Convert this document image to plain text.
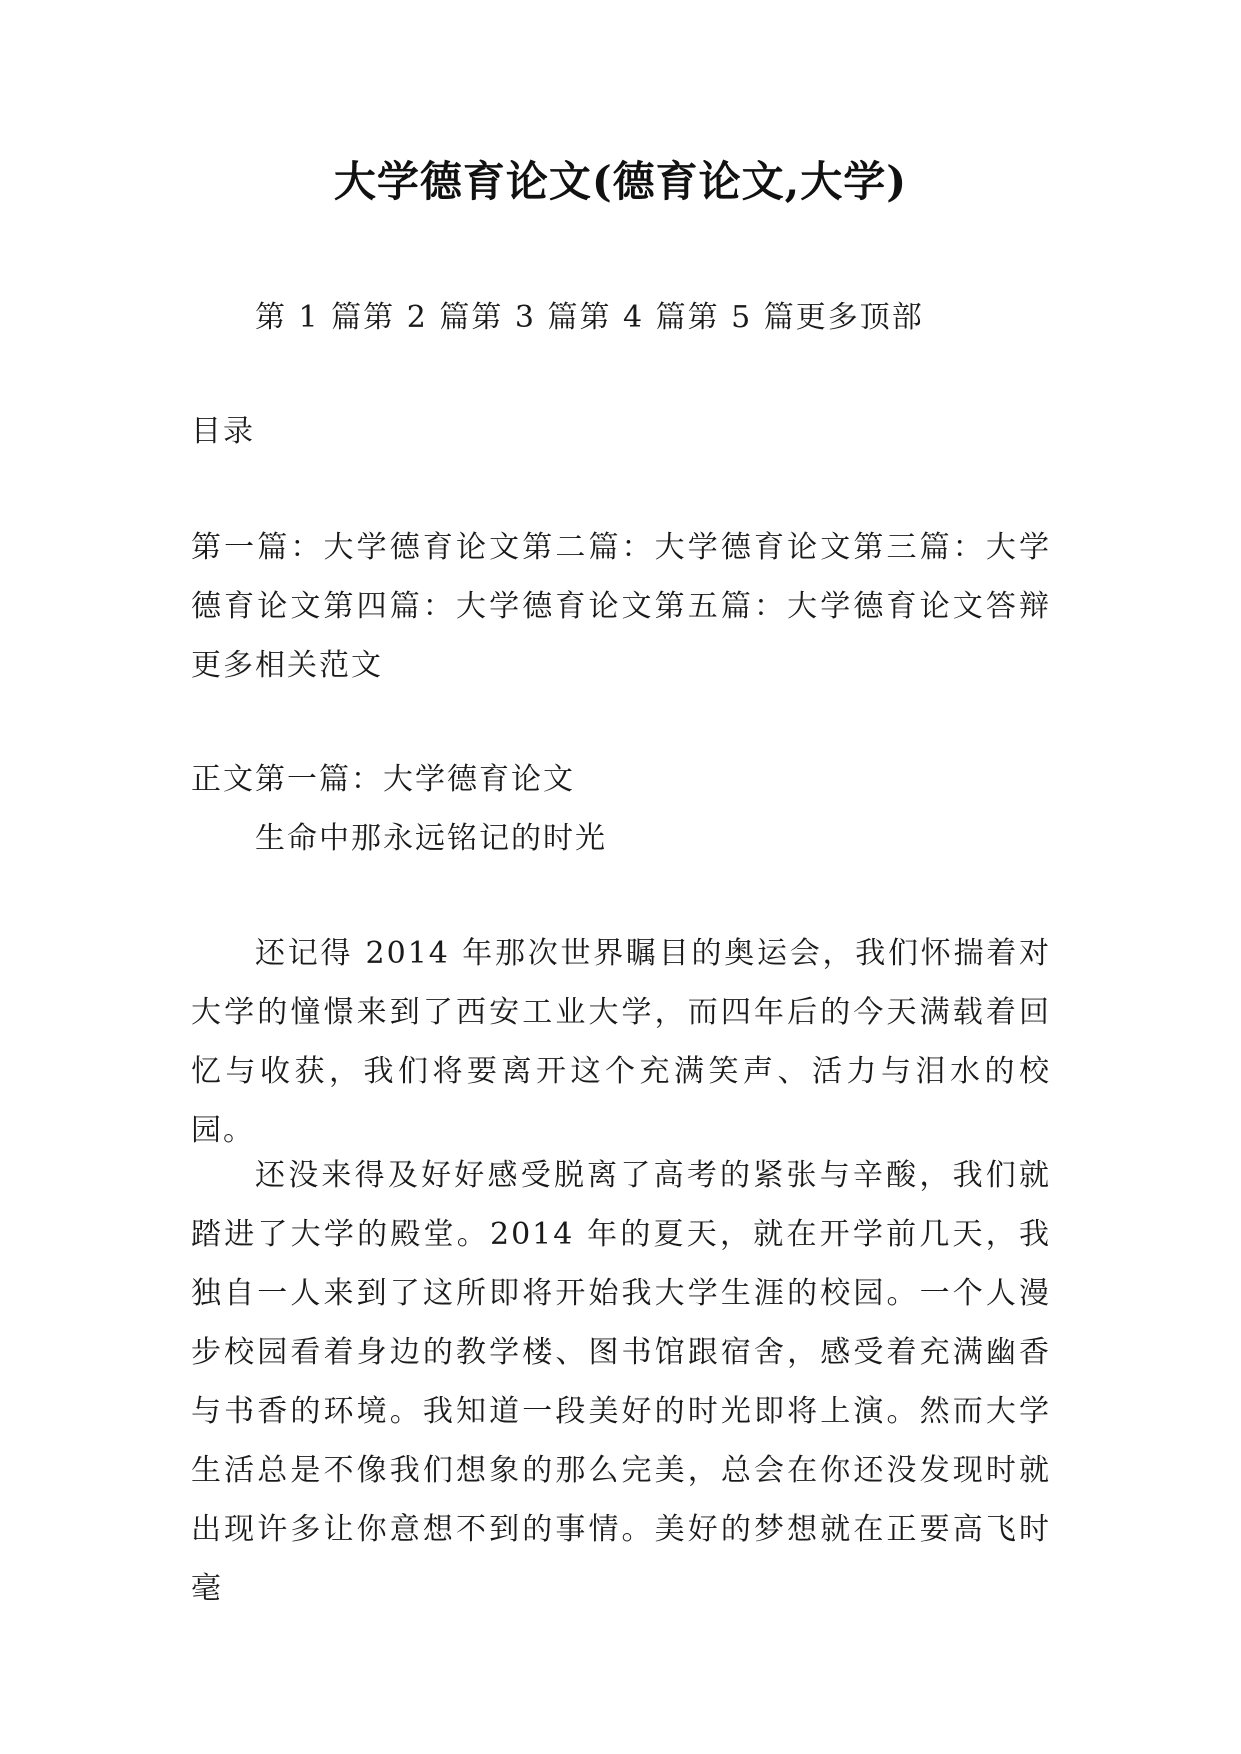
大学德育论文(德育论文,大学)
第 1 篇第 2 篇第 3 篇第 4 篇第 5 篇更多顶部
目录
第一篇：大学德育论文第二篇：大学德育论文第三篇：大学德育论文第四篇：大学德育论文第五篇：大学德育论文答辩更多相关范文
正文第一篇：大学德育论文
生命中那永远铭记的时光
还记得 2014 年那次世界瞩目的奥运会，我们怀揣着对大学的憧憬来到了西安工业大学，而四年后的今天满载着回忆与收获，我们将要离开这个充满笑声、活力与泪水的校园。
还没来得及好好感受脱离了高考的紧张与辛酸，我们就踏进了大学的殿堂。2014 年的夏天，就在开学前几天，我独自一人来到了这所即将开始我大学生涯的校园。一个人漫步校园看着身边的教学楼、图书馆跟宿舍，感受着充满幽香与书香的环境。我知道一段美好的时光即将上演。然而大学生活总是不像我们想象的那么完美，总会在你还没发现时就出现许多让你意想不到的事情。美好的梦想就在正要高飞时毫
